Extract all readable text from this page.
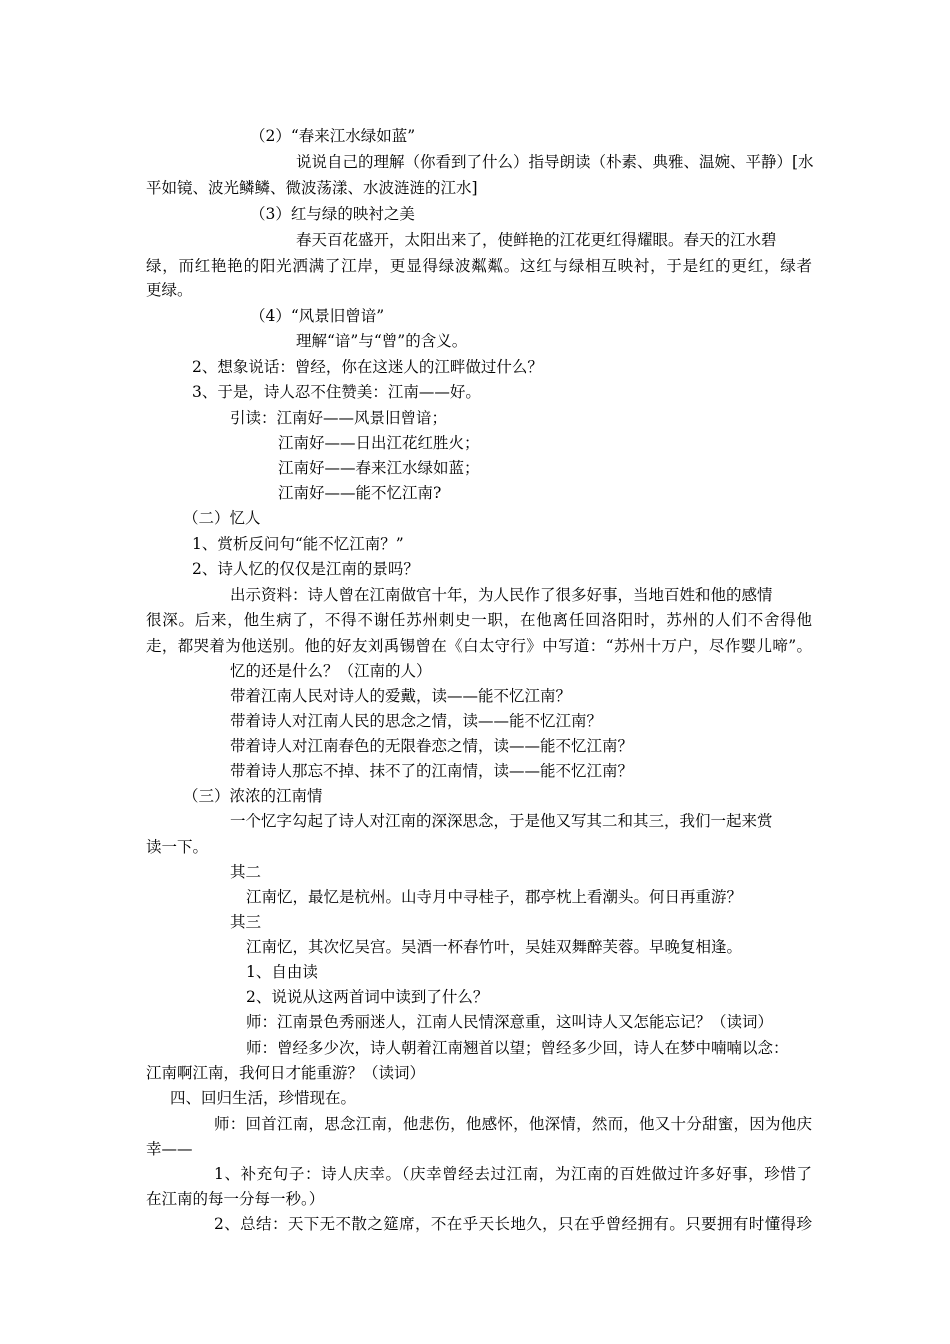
（2）“春来江水绿如蓝”
说说自己的理解（你看到了什么）指导朗读（朴素、典雅、温婉、平静）[水
平如镜、波光鳞鳞、微波荡漾、水波涟涟的江水]
（3）红与绿的映衬之美
春天百花盛开，太阳出来了，使鲜艳的江花更红得耀眼。春天的江水碧
绿，而红艳艳的阳光洒满了江岸，更显得绿波粼粼。这红与绿相互映衬，于是红的更红，绿者
更绿。
（4）“风景旧曾谙”
理解“谙”与“曾”的含义。
2、想象说话：曾经，你在这迷人的江畔做过什么？
3、于是，诗人忍不住赞美：江南——好。
引读：江南好——风景旧曾谙；
江南好——日出江花红胜火；
江南好——春来江水绿如蓝；
江南好——能不忆江南?
（二）忆人
1、赏析反问句“能不忆江南？”
2、诗人忆的仅仅是江南的景吗？
出示资料：诗人曾在江南做官十年，为人民作了很多好事，当地百姓和他的感情
很深。后来，他生病了，不得不谢任苏州刺史一职，在他离任回洛阳时，苏州的人们不舍得他
走，都哭着为他送别。他的好友刘禹锡曾在《白太守行》中写道：“苏州十万户，尽作婴儿啼”。
忆的还是什么？（江南的人）
带着江南人民对诗人的爱戴，读——能不忆江南？
带着诗人对江南人民的思念之情，读——能不忆江南？
带着诗人对江南春色的无限眷恋之情，读——能不忆江南？
带着诗人那忘不掉、抹不了的江南情，读——能不忆江南？
（三）浓浓的江南情
一个忆字勾起了诗人对江南的深深思念，于是他又写其二和其三，我们一起来赏
读一下。
其二
江南忆，最忆是杭州。山寺月中寻桂子，郡亭枕上看潮头。何日再重游？
其三
江南忆，其次忆吴宫。吴酒一杯春竹叶，吴娃双舞醉芙蓉。早晚复相逢。
1、自由读
2、说说从这两首词中读到了什么？
师：江南景色秀丽迷人，江南人民情深意重，这叫诗人又怎能忘记？（读词）
师：曾经多少次，诗人朝着江南翘首以望；曾经多少回，诗人在梦中喃喃以念：
江南啊江南，我何日才能重游？（读词）
四、回归生活，珍惜现在。
师：回首江南，思念江南，他悲伤，他感怀，他深情，然而，他又十分甜蜜，因为他庆
幸——
1、补充句子：诗人庆幸。（庆幸曾经去过江南，为江南的百姓做过许多好事，珍惜了
在江南的每一分每一秒。）
2、总结：天下无不散之筵席，不在乎天长地久，只在乎曾经拥有。只要拥有时懂得珍
